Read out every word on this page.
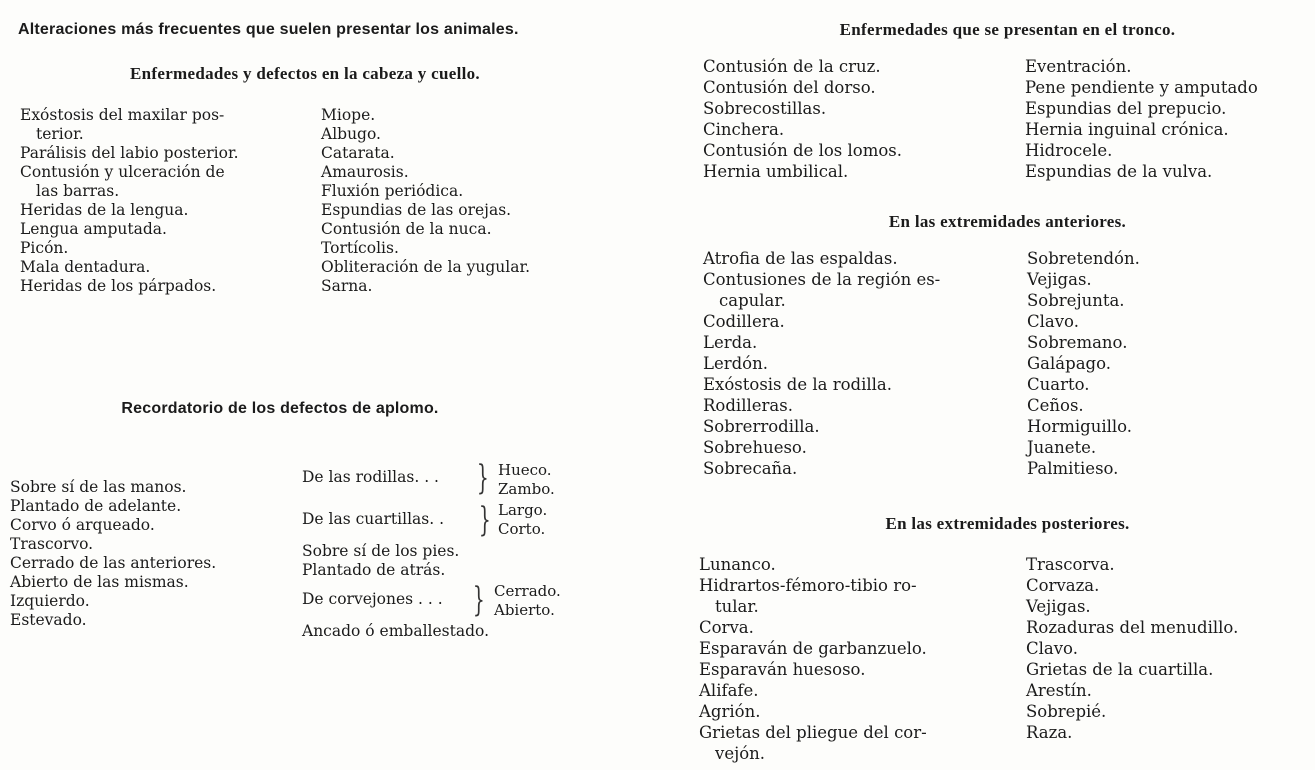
Alteraciones más frecuentes que suelen presentar los animales.
Enfermedades y defectos en la cabeza y cuello.
Exóstosis del maxilar pos-
terior.
Parálisis del labio posterior.
Contusión y ulceración de
las barras.
Heridas de la lengua.
Lengua amputada.
Picón.
Mala dentadura.
Heridas de los párpados.
Miope.
Albugo.
Catarata.
Amaurosis.
Fluxión periódica.
Espundias de las orejas.
Contusión de la nuca.
Tortícolis.
Obliteración de la yugular.
Sarna.
Recordatorio de los defectos de aplomo.
Sobre sí de las manos.
Plantado de adelante.
Corvo ó arqueado.
Trascorvo.
Cerrado de las anteriores.
Abierto de las mismas.
Izquierdo.
Estevado.
De las rodillas. . . } Hueco.
Zambo.
De las cuartillas. . } Largo.
Corto.
Sobre sí de los pies.
Plantado de atrás.
De corvejones . . . } Cerrado.
Abierto.
Ancado ó emballestado.
Enfermedades que se presentan en el tronco.
Contusión de la cruz.
Contusión del dorso.
Sobrecostillas.
Cinchera.
Contusión de los lomos.
Hernia umbilical.
Eventración.
Pene pendiente y amputado
Espundias del prepucio.
Hernia inguinal crónica.
Hidrocele.
Espundias de la vulva.
En las extremidades anteriores.
Atrofia de las espaldas.
Contusiones de la región es-
capular.
Codillera.
Lerda.
Lerdón.
Exóstosis de la rodilla.
Rodilleras.
Sobrerrodilla.
Sobrehueso.
Sobrecaña.
Sobretendón.
Vejigas.
Sobrejunta.
Clavo.
Sobremano.
Galápago.
Cuarto.
Ceños.
Hormiguillo.
Juanete.
Palmitieso.
En las extremidades posteriores.
Lunanco.
Hidrartos-fémoro-tibio ro-
tular.
Corva.
Esparaván de garbanzuelo.
Esparaván huesoso.
Alifafe.
Agrión.
Grietas del pliegue del cor-
vejón.
Trascorva.
Corvaza.
Vejigas.
Rozaduras del menudillo.
Clavo.
Grietas de la cuartilla.
Arestín.
Sobrepié.
Raza.
